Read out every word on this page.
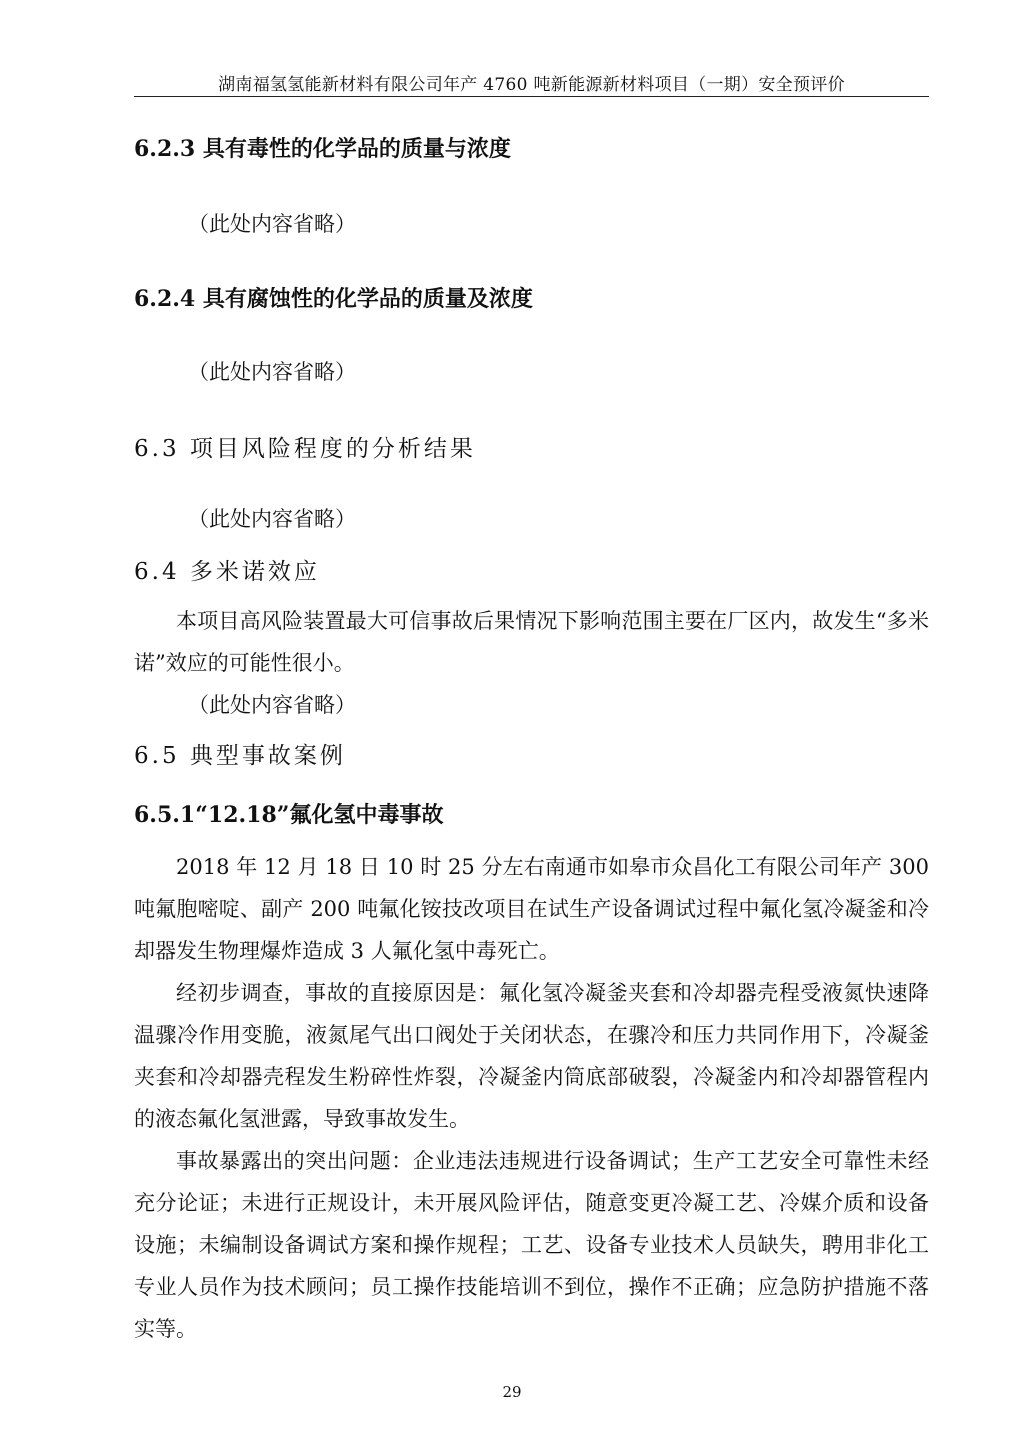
湖南福氢氢能新材料有限公司年产 4760 吨新能源新材料项目（一期）安全预评价
6.2.3 具有毒性的化学品的质量与浓度
（此处内容省略）
6.2.4 具有腐蚀性的化学品的质量及浓度
（此处内容省略）
6.3 项目风险程度的分析结果
（此处内容省略）
6.4 多米诺效应
本项目高风险装置最大可信事故后果情况下影响范围主要在厂区内，故发生“多米诺”效应的可能性很小。
（此处内容省略）
6.5 典型事故案例
6.5.1“12.18”氟化氢中毒事故
2018 年 12 月 18 日 10 时 25 分左右南通市如皋市众昌化工有限公司年产 300 吨氟胞嘧啶、副产 200 吨氟化铵技改项目在试生产设备调试过程中氟化氢冷凝釜和冷却器发生物理爆炸造成 3 人氟化氢中毒死亡。
经初步调查，事故的直接原因是：氟化氢冷凝釜夹套和冷却器壳程受液氮快速降温骤冷作用变脆，液氮尾气出口阀处于关闭状态，在骤冷和压力共同作用下，冷凝釜夹套和冷却器壳程发生粉碎性炸裂，冷凝釜内筒底部破裂，冷凝釜内和冷却器管程内的液态氟化氢泄露，导致事故发生。
事故暴露出的突出问题：企业违法违规进行设备调试；生产工艺安全可靠性未经充分论证；未进行正规设计，未开展风险评估，随意变更冷凝工艺、冷媒介质和设备设施；未编制设备调试方案和操作规程；工艺、设备专业技术人员缺失，聘用非化工专业人员作为技术顾问；员工操作技能培训不到位，操作不正确；应急防护措施不落实等。
29
